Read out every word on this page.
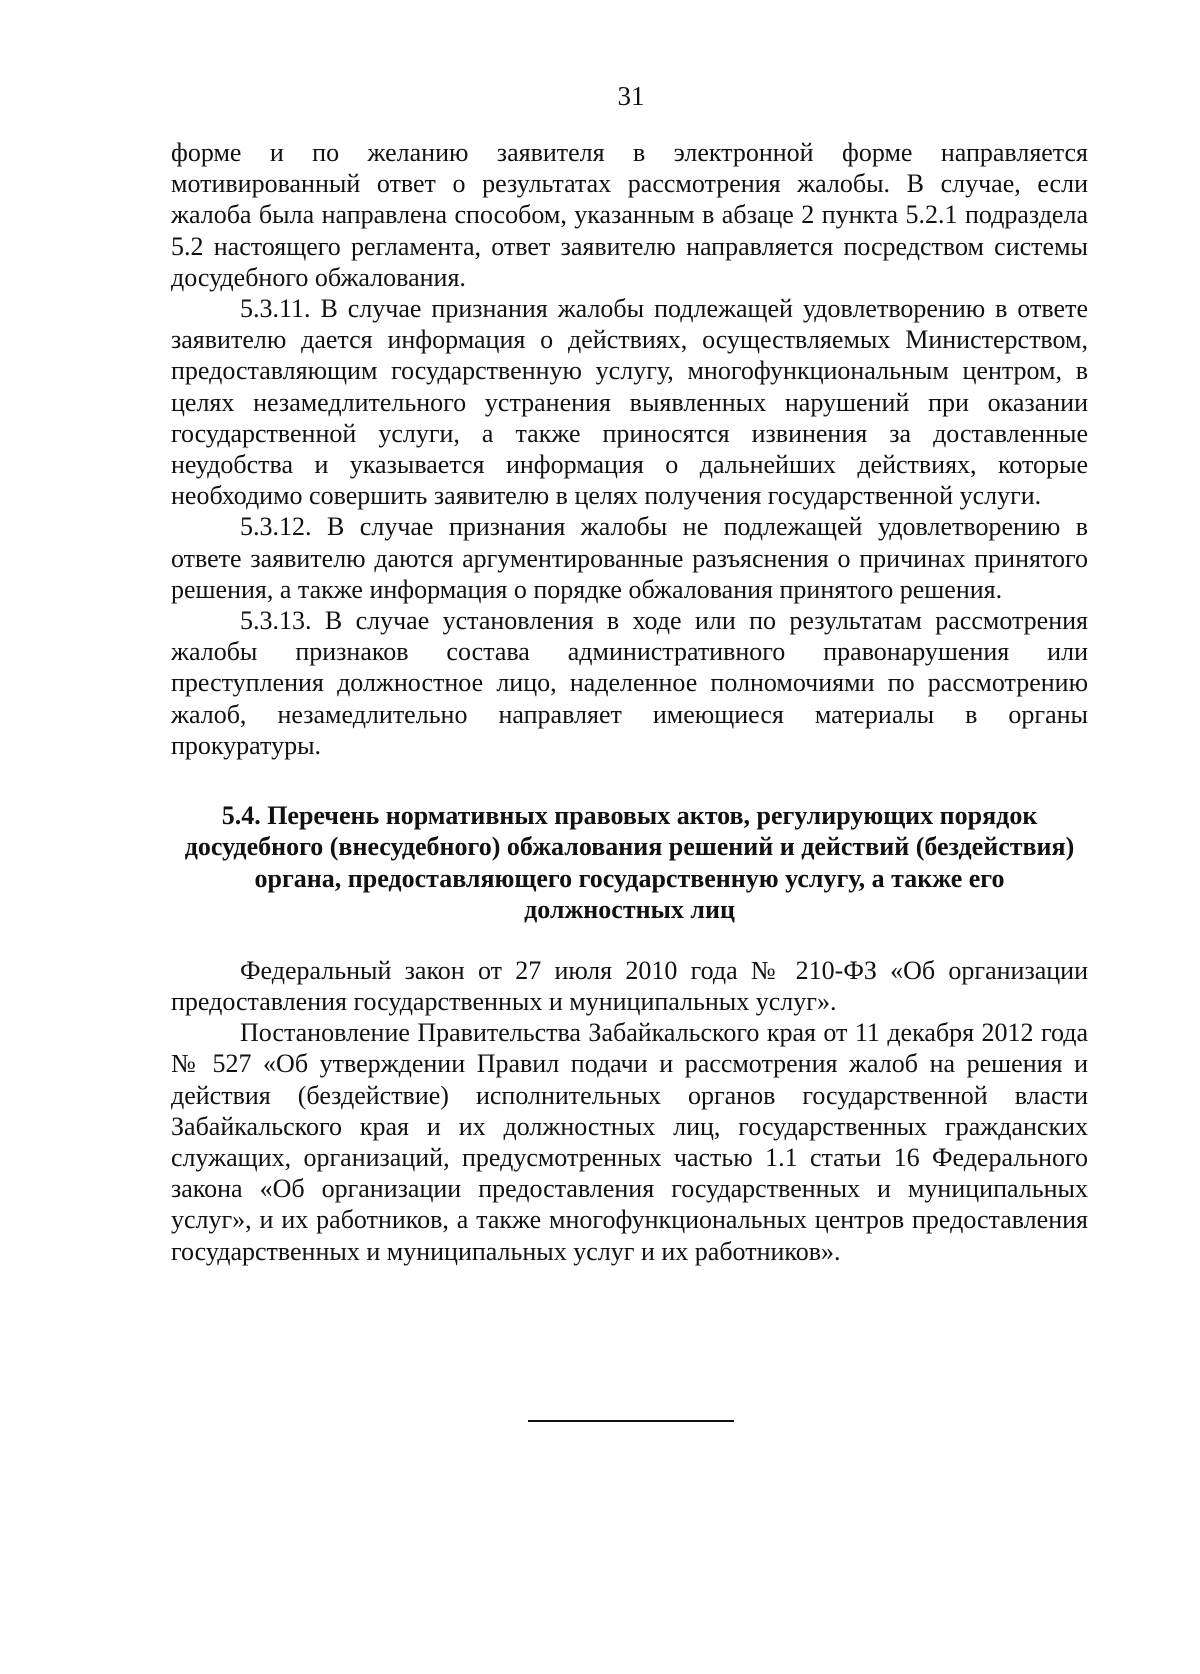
31

форме и по желанию заявителя в электронной форме направляется мотивированный ответ о результатах рассмотрения жалобы. В случае, если жалоба была направлена способом, указанным в абзаце 2 пункта 5.2.1 подраздела 5.2 настоящего регламента, ответ заявителю направляется посредством системы досудебного обжалования.

5.3.11. В случае признания жалобы подлежащей удовлетворению в ответе заявителю дается информация о действиях, осуществляемых Министерством, предоставляющим государственную услугу, многофункциональным центром, в целях незамедлительного устранения выявленных нарушений при оказании государственной услуги, а также приносятся извинения за доставленные неудобства и указывается информация о дальнейших действиях, которые необходимо совершить заявителю в целях получения государственной услуги.

5.3.12. В случае признания жалобы не подлежащей удовлетворению в ответе заявителю даются аргументированные разъяснения о причинах принятого решения, а также информация о порядке обжалования принятого решения.

5.3.13. В случае установления в ходе или по результатам рассмотрения жалобы признаков состава административного правонарушения или преступления должностное лицо, наделенное полномочиями по рассмотрению жалоб, незамедлительно направляет имеющиеся материалы в органы прокуратуры.

5.4. Перечень нормативных правовых актов, регулирующих порядок досудебного (внесудебного) обжалования решений и действий (бездействия) органа, предоставляющего государственную услугу, а также его должностных лиц

Федеральный закон от 27 июля 2010 года № 210-ФЗ «Об организации предоставления государственных и муниципальных услуг».

Постановление Правительства Забайкальского края от 11 декабря 2012 года № 527 «Об утверждении Правил подачи и рассмотрения жалоб на решения и действия (бездействие) исполнительных органов государственной власти Забайкальского края и их должностных лиц, государственных гражданских служащих, организаций, предусмотренных частью 1.1 статьи 16 Федерального закона «Об организации предоставления государственных и муниципальных услуг», и их работников, а также многофункциональных центров предоставления государственных и муниципальных услуг и их работников».
